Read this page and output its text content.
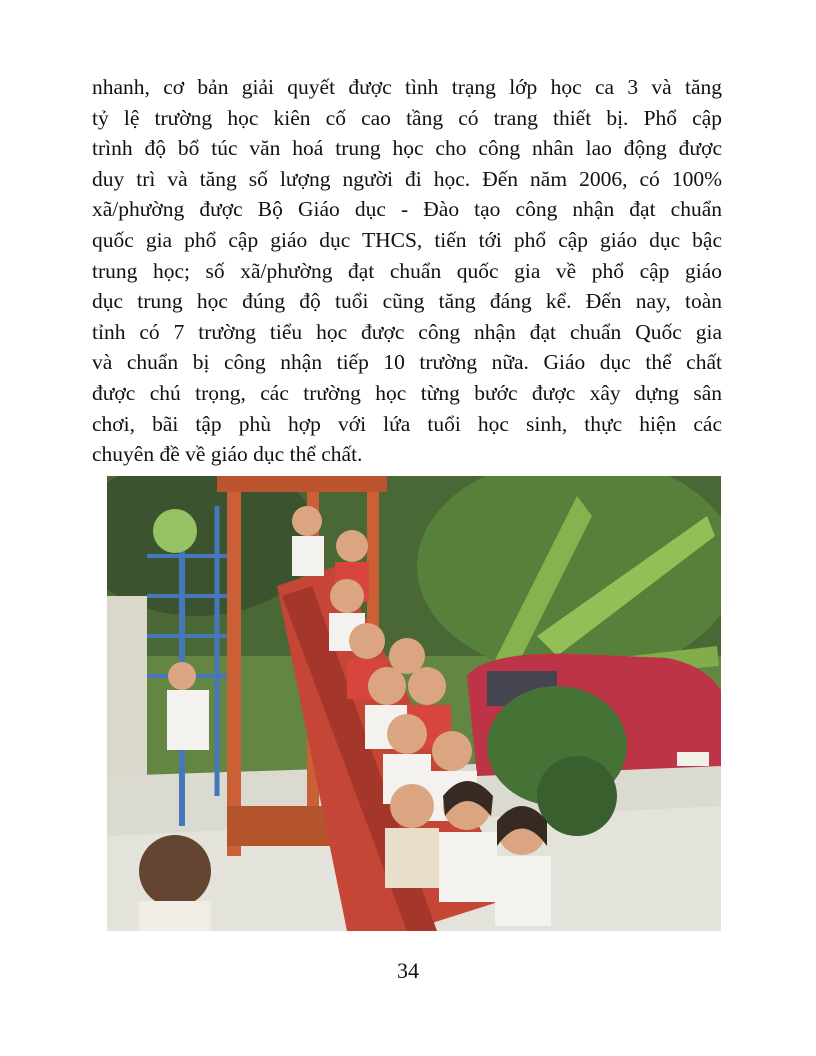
nhanh, cơ bản giải quyết được tình trạng lớp học ca 3 và tăng
tỷ lệ trường học kiên cố cao tầng có trang thiết bị. Phổ cập
trình độ bổ túc văn hoá trung học cho công nhân lao động được
duy trì và tăng số lượng người đi học. Đến năm 2006, có 100%
xã/phường được Bộ Giáo dục - Đào tạo công nhận đạt chuẩn
quốc gia phổ cập giáo dục THCS, tiến tới phổ cập giáo dục bậc
trung học; số xã/phường đạt chuẩn quốc gia về phổ cập giáo
dục trung học đúng độ tuổi cũng tăng đáng kể. Đến nay, toàn
tỉnh có 7 trường tiểu học được công nhận đạt chuẩn Quốc gia
và chuẩn bị công nhận tiếp 10 trường nữa. Giáo dục thể chất
được chú trọng, các trường học từng bước được xây dựng sân
chơi, bãi tập phù hợp với lứa tuổi học sinh, thực hiện các
chuyên đề về giáo dục thể chất.
34
